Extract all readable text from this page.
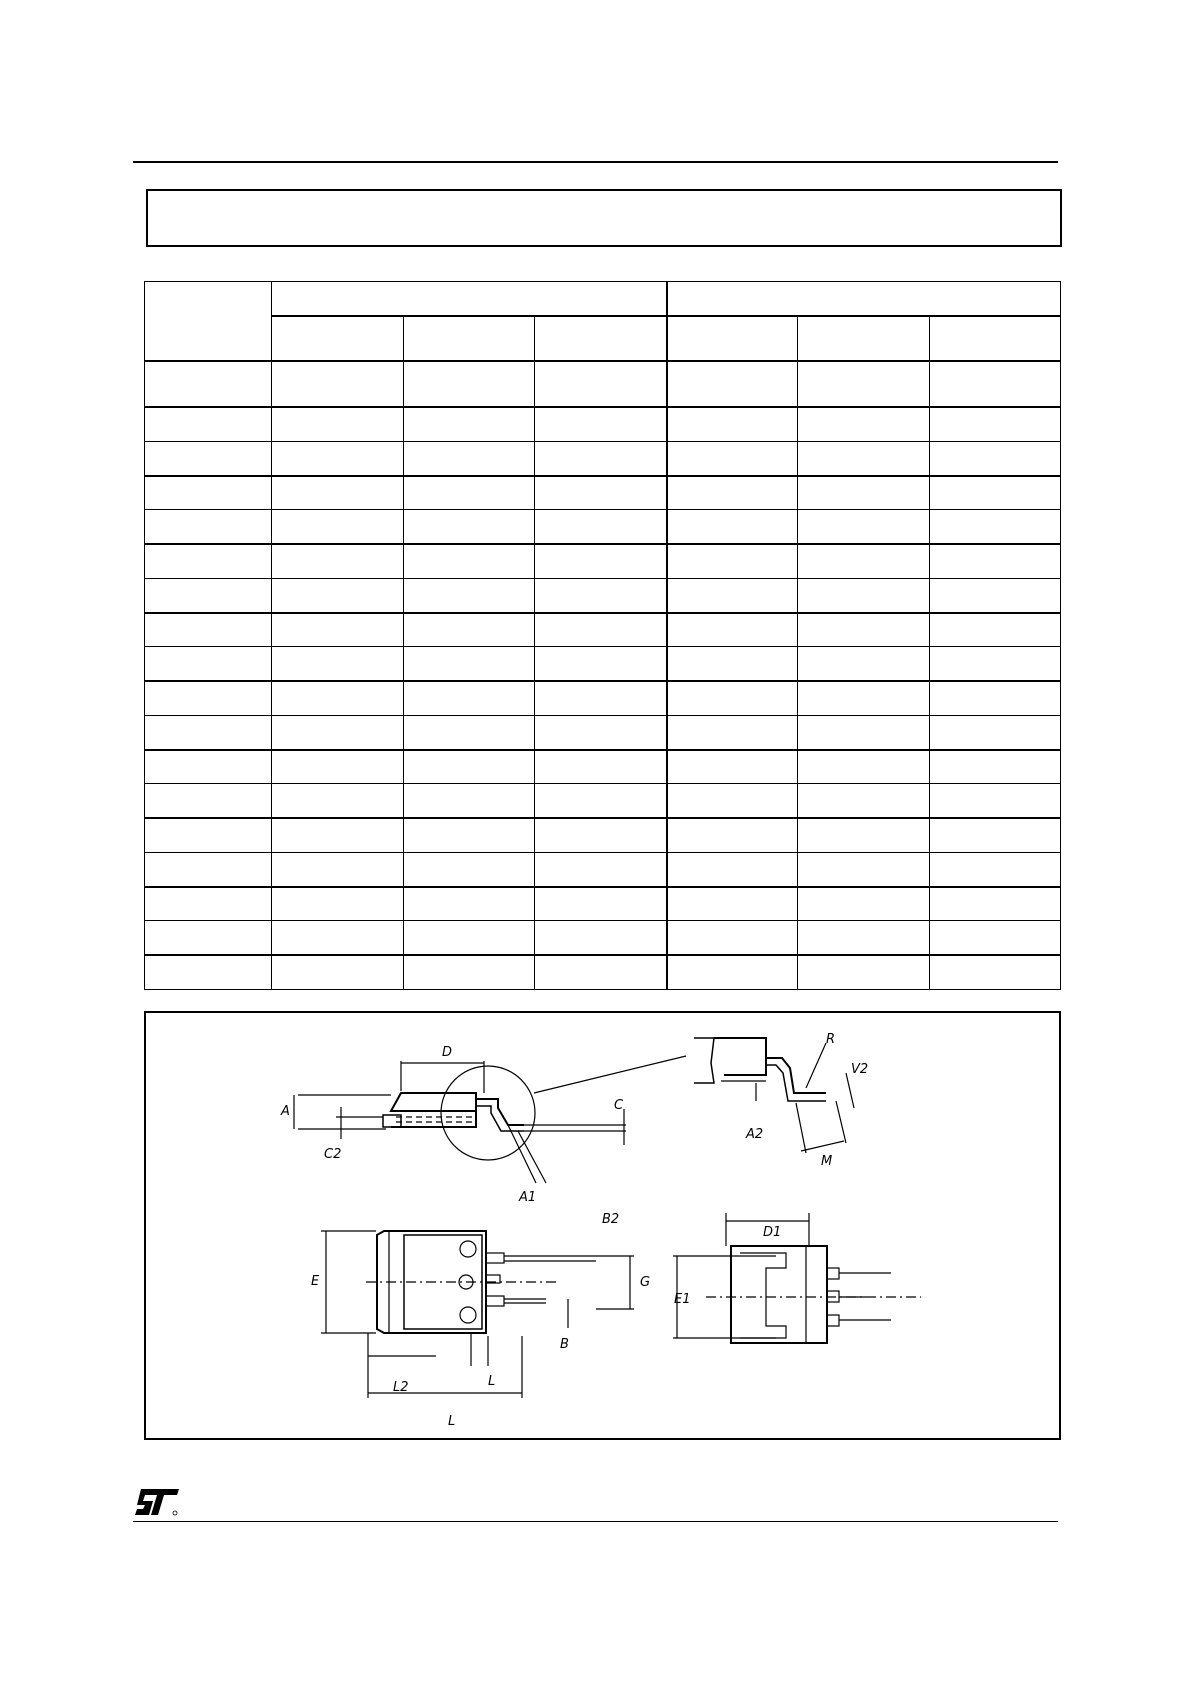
D
A
C2
A1
C
R
V2
A2
M
B2
E	G
B
L2	L
L
D1
E1
